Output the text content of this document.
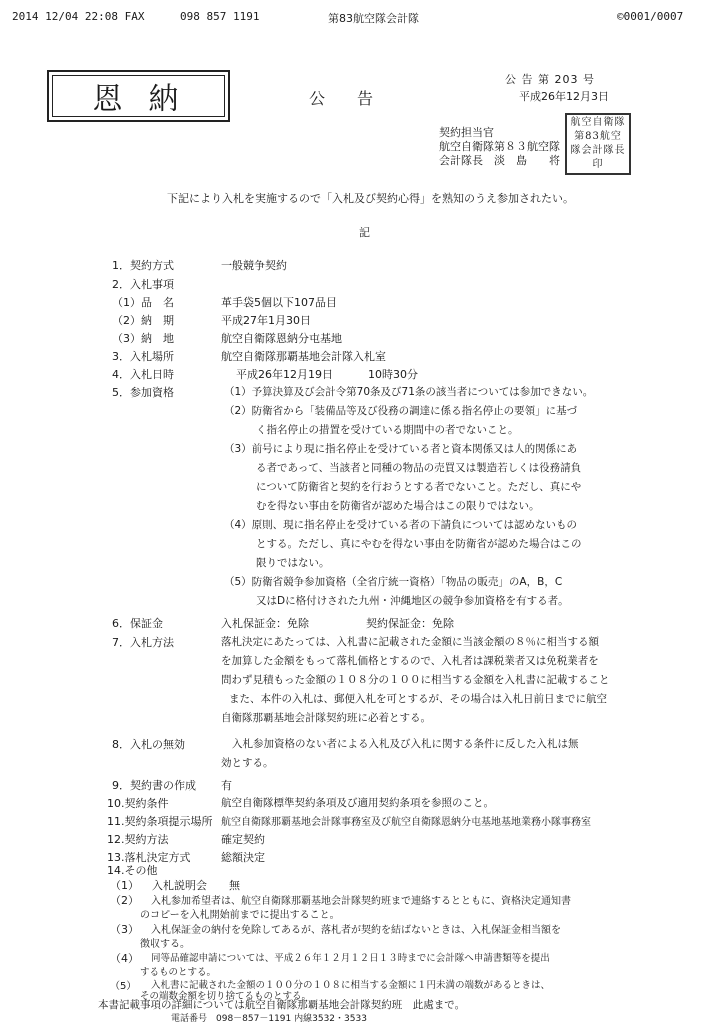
2014 12/04 22:08 FAX	098 857 1191	第83航空隊会計隊	©0001/0007
恩納	公　　告
公 告 第 203 号
平成26年12月3日
契約担当官
航空自衛隊第８３航空隊
会計隊長　淡　島　　将
航空自衛隊第83航空隊会計隊長印
下記により入札を実施するので「入札及び契約心得」を熟知のうえ参加されたい。
記
1．契約方式	一般競争契約
2．入札事項
（1）品　名	革手袋5個以下107品目
（2）納　期	平成27年1月30日
（3）納　地	航空自衛隊恩納分屯基地
3．入札場所	航空自衛隊那覇基地会計隊入札室
4．入札日時	平成26年12月19日	10時30分
5．参加資格	（1）予算決算及び会計令第70条及び71条の該当者については参加できない。
（2）防衛省から「装備品等及び役務の調達に係る指名停止の要領」に基づ
く指名停止の措置を受けている期間中の者でないこと。
（3）前号により現に指名停止を受けている者と資本関係又は人的関係にあ
る者であって、当該者と同種の物品の売買又は製造若しくは役務請負
について防衛省と契約を行おうとする者でないこと。ただし、真にや
むを得ない事由を防衛省が認めた場合はこの限りではない。
（4）原則、現に指名停止を受けている者の下請負については認めないもの
とする。ただし、真にやむを得ない事由を防衛省が認めた場合はこの
限りではない。
（5）防衛省競争参加資格（全省庁統一資格）「物品の販売」のA，B，C
又はDに格付けされた九州・沖縄地区の競争参加資格を有する者。
6．保証金	入札保証金：免除	契約保証金：免除
7．入札方法	落札決定にあたっては、入札書に記載された金額に当該金額の８％に相当する額
を加算した金額をもって落札価格とするので、入札者は課税業者又は免税業者を
問わず見積もった金額の１０８分の１００に相当する金額を入札書に記載すること
また、本件の入札は、郵便入札を可とするが、その場合は入札日前日までに航空
自衛隊那覇基地会計隊契約班に必着とする。
8．入札の無効	入札参加資格のない者による入札及び入札に関する条件に反した入札は無
効とする。
9．契約書の作成 有
10.契約条件	航空自衛隊標準契約条項及び適用契約条項を参照のこと。
11.契約条項提示場所 航空自衛隊那覇基地会計隊事務室及び航空自衛隊恩納分屯基地基地業務小隊事務室
12.契約方法	確定契約
13.落札決定方式	総額決定
14.その他
（1） 入札説明会　　無
（2） 入札参加希望者は、航空自衛隊那覇基地会計隊契約班まで連絡するとともに、資格決定通知書
のコピーを入札開始前までに提出すること。
（3） 入札保証金の納付を免除してあるが、落札者が契約を結ばないときは、入札保証金相当額を
徴収する。
（4） 同等品確認申請については、平成２６年１２月１２日１３時までに会計隊へ申請書類等を提出
するものとする。
（5） 入札書に記載された金額の１００分の１０８に相当する金額に１円未満の端数があるときは、
その端数金額を切り捨てるものとする。
本書記載事項の詳細については航空自衛隊那覇基地会計隊契約班　此處まで。
電話番号　098－857－1191 内線3532・3533
